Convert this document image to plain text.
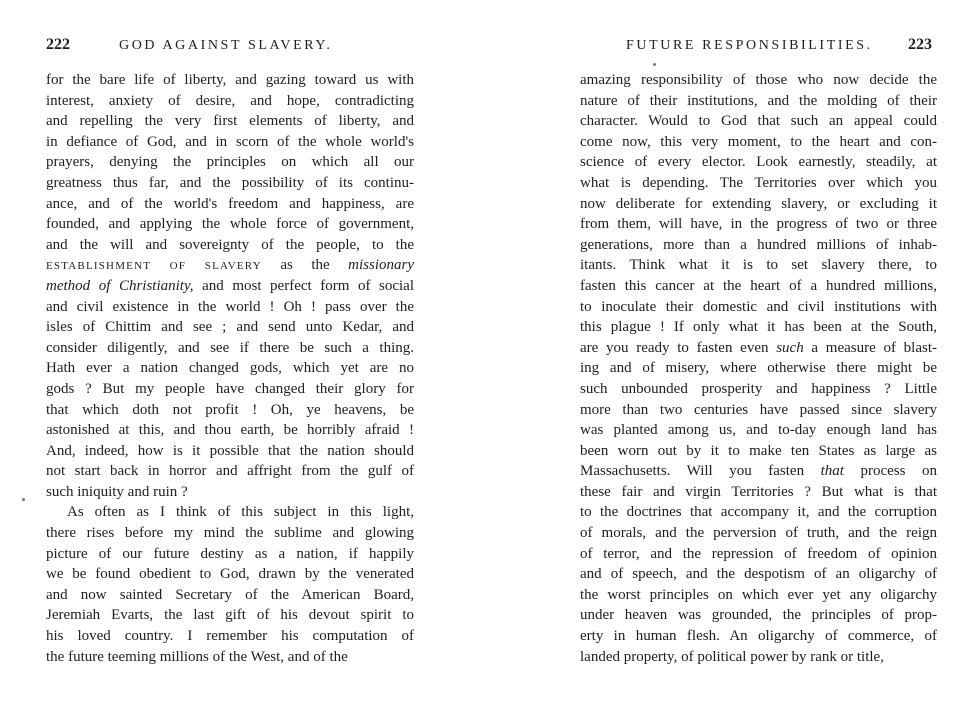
222	GOD AGAINST SLAVERY.
for the bare life of liberty, and gazing toward us with
interest, anxiety of desire, and hope, contradicting
and repelling the very first elements of liberty, and
in defiance of God, and in scorn of the whole world's
prayers, denying the principles on which all our
greatness thus far, and the possibility of its continu-
ance, and of the world's freedom and happiness, are
founded, and applying the whole force of government,
and the will and sovereignty of the people, to the
ESTABLISHMENT OF SLAVERY as the missionary
method of Christianity, and most perfect form of social
and civil existence in the world ! Oh ! pass over the
isles of Chittim and see ; and send unto Kedar, and
consider diligently, and see if there be such a thing.
Hath ever a nation changed gods, which yet are no
gods ? But my people have changed their glory for
that which doth not profit ! Oh, ye heavens, be
astonished at this, and thou earth, be horribly afraid !
And, indeed, how is it possible that the nation should
not start back in horror and affright from the gulf of
such iniquity and ruin ?
As often as I think of this subject in this light,
there rises before my mind the sublime and glowing
picture of our future destiny as a nation, if happily
we be found obedient to God, drawn by the venerated
and now sainted Secretary of the American Board,
Jeremiah Evarts, the last gift of his devout spirit to
his loved country. I remember his computation of
the future teeming millions of the West, and of the
FUTURE RESPONSIBILITIES. 223
amazing responsibility of those who now decide the
nature of their institutions, and the molding of their
character. Would to God that such an appeal could
come now, this very moment, to the heart and con-
science of every elector. Look earnestly, steadily, at
what is depending. The Territories over which you
now deliberate for extending slavery, or excluding it
from them, will have, in the progress of two or three
generations, more than a hundred millions of inhab-
itants. Think what it is to set slavery there, to
fasten this cancer at the heart of a hundred millions,
to inoculate their domestic and civil institutions with
this plague ! If only what it has been at the South,
are you ready to fasten even such a measure of blast-
ing and of misery, where otherwise there might be
such unbounded prosperity and happiness ? Little
more than two centuries have passed since slavery
was planted among us, and to-day enough land has
been worn out by it to make ten States as large as
Massachusetts. Will you fasten that process on
these fair and virgin Territories ? But what is that
to the doctrines that accompany it, and the corruption
of morals, and the perversion of truth, and the reign
of terror, and the repression of freedom of opinion
and of speech, and the despotism of an oligarchy of
the worst principles on which ever yet any oligarchy
under heaven was grounded, the principles of prop-
erty in human flesh. An oligarchy of commerce, of
landed property, of political power by rank or title,
